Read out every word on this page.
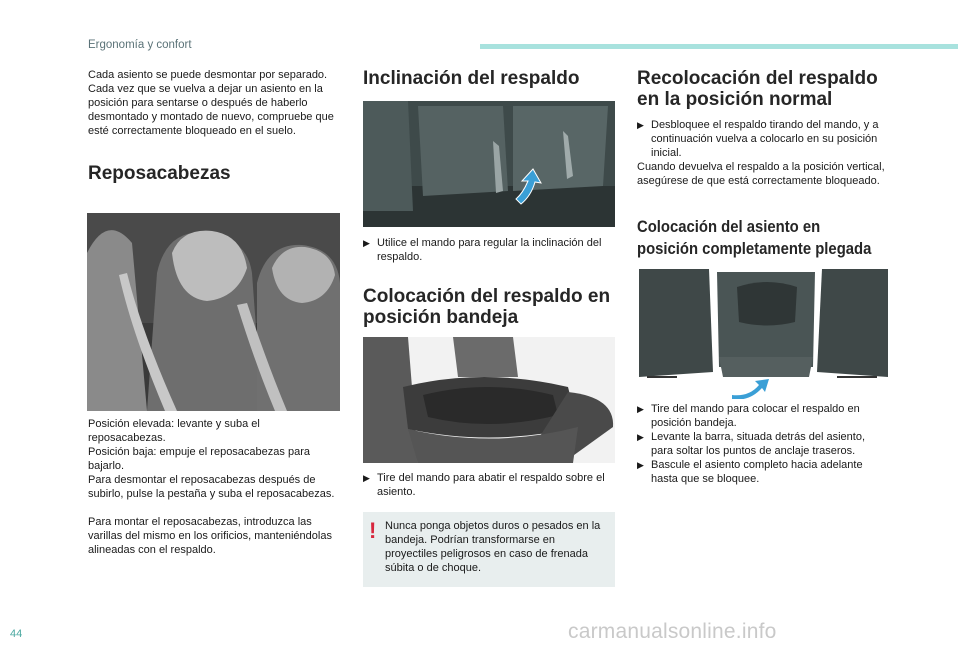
Ergonomía y confort

Cada asiento se puede desmontar por separado. Cada vez que se vuelva a dejar un asiento en la posición para sentarse o después de haberlo desmontado y montado de nuevo, compruebe que esté correctamente bloqueado en el suelo.

Reposacabezas

Posición elevada: levante y suba el reposacabezas.

Posición baja: empuje el reposacabezas para bajarlo.

Para desmontar el reposacabezas después de subirlo, pulse la pestaña y suba el reposacabezas.

Para montar el reposacabezas, introduzca las varillas del mismo en los orificios, manteniéndolas alineadas con el respaldo.

Inclinación del respaldo
▶ Utilice el mando para regular la inclinación del respaldo.
Colocación del respaldo en posición bandeja
▶ Tire del mando para abatir el respaldo sobre el asiento.
! Nunca ponga objetos duros o pesados en la bandeja. Podrían transformarse en proyectiles peligrosos en caso de frenada súbita o de choque.
Recolocación del respaldo en la posición normal
▶ Desbloquee el respaldo tirando del mando, y a continuación vuelva a colocarlo en su posición inicial.

Cuando devuelva el respaldo a la posición vertical, asegúrese de que está correctamente bloqueado.

Colocación del asiento en
posición completamente plegada
▶ Tire del mando para colocar el respaldo en posición bandeja.
▶ Levante la barra, situada detrás del asiento, para soltar los puntos de anclaje traseros.
▶ Bascule el asiento completo hacia adelante hasta que se bloquee.
44	carmanualsonline.info
